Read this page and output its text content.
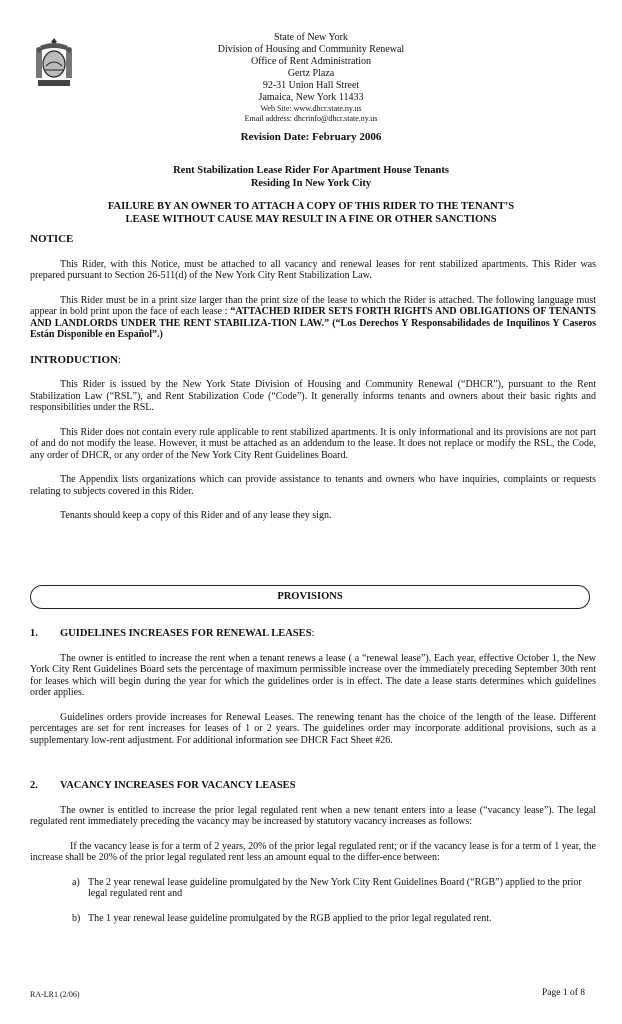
State of New York
Division of Housing and Community Renewal
Office of Rent Administration
Gertz Plaza
92-31 Union Hall Street
Jamaica, New York 11433
Web Site: www.dhcr.state.ny.us
Email address: dhcrinfo@dhcr.state.ny.us
Revision Date: February 2006
Rent Stabilization Lease Rider For Apartment House Tenants
Residing In New York City
FAILURE BY AN OWNER TO ATTACH A COPY OF THIS RIDER TO THE TENANT’S
LEASE WITHOUT CAUSE MAY RESULT IN A FINE OR OTHER SANCTIONS
NOTICE

This Rider, with this Notice, must be attached to all vacancy and renewal leases for rent stabilized apartments. This Rider was prepared pursuant to Section 26-511(d) of the New York City Rent Stabilization Law.

This Rider must be in a print size larger than the print size of the lease to which the Rider is attached. The following language must appear in bold print upon the face of each lease : “ATTACHED RIDER SETS FORTH RIGHTS AND OBLIGATIONS OF TENANTS AND LANDLORDS UNDER THE RENT STABILIZA-TION LAW.” (“Los Derechos Y Responsabilidades de Inquilinos Y Caseros Están Disponible en Español”.)

INTRODUCTION:

This Rider is issued by the New York State Division of Housing and Community Renewal (“DHCR”), pursuant to the Rent Stabilization Law (“RSL”), and Rent Stabilization Code (“Code”). It generally informs tenants and owners about their basic rights and responsibilities under the RSL.

This Rider does not contain every rule applicable to rent stabilized apartments. It is only informational and its provisions are not part of and do not modify the lease. However, it must be attached as an addendum to the lease. It does not replace or modify the RSL, the Code, any order of DHCR, or any order of the New York City Rent Guidelines Board.

The Appendix lists organizations which can provide assistance to tenants and owners who have inquiries, complaints or requests relating to subjects covered in this Rider.

Tenants should keep a copy of this Rider and of any lease they sign.

PROVISIONS
1. GUIDELINES INCREASES FOR RENEWAL LEASES:

The owner is entitled to increase the rent when a tenant renews a lease ( a “renewal lease”). Each year, effective October 1, the New York City Rent Guidelines Board sets the percentage of maximum permissible increase over the immediately preceding September 30th rent for leases which will begin during the year for which the guidelines order is in effect. The date a lease starts determines which guidelines order applies.

Guidelines orders provide increases for Renewal Leases. The renewing tenant has the choice of the length of the lease. Different percentages are set for rent increases for leases of 1 or 2 years. The guidelines order may incorporate additional provisions, such as a supplementary low-rent adjustment. For additional information see DHCR Fact Sheet #26.

2. VACANCY INCREASES FOR VACANCY LEASES

The owner is entitled to increase the prior legal regulated rent when a new tenant enters into a lease (“vacancy lease”). The legal regulated rent immediately preceding the vacancy may be increased by statutory vacancy increases as follows:

If the vacancy lease is for a term of 2 years, 20% of the prior legal regulated rent; or if the vacancy lease is for a term of 1 year, the increase shall be 20% of the prior legal regulated rent less an amount equal to the differ-ence between:

a) The 2 year renewal lease guideline promulgated by the New York City Rent Guidelines Board (“RGB”) applied to the prior legal regulated rent and
b) The 1 year renewal lease guideline promulgated by the RGB applied to the prior legal regulated rent.
RA-LR1 (2/06)	Page 1 of 8
